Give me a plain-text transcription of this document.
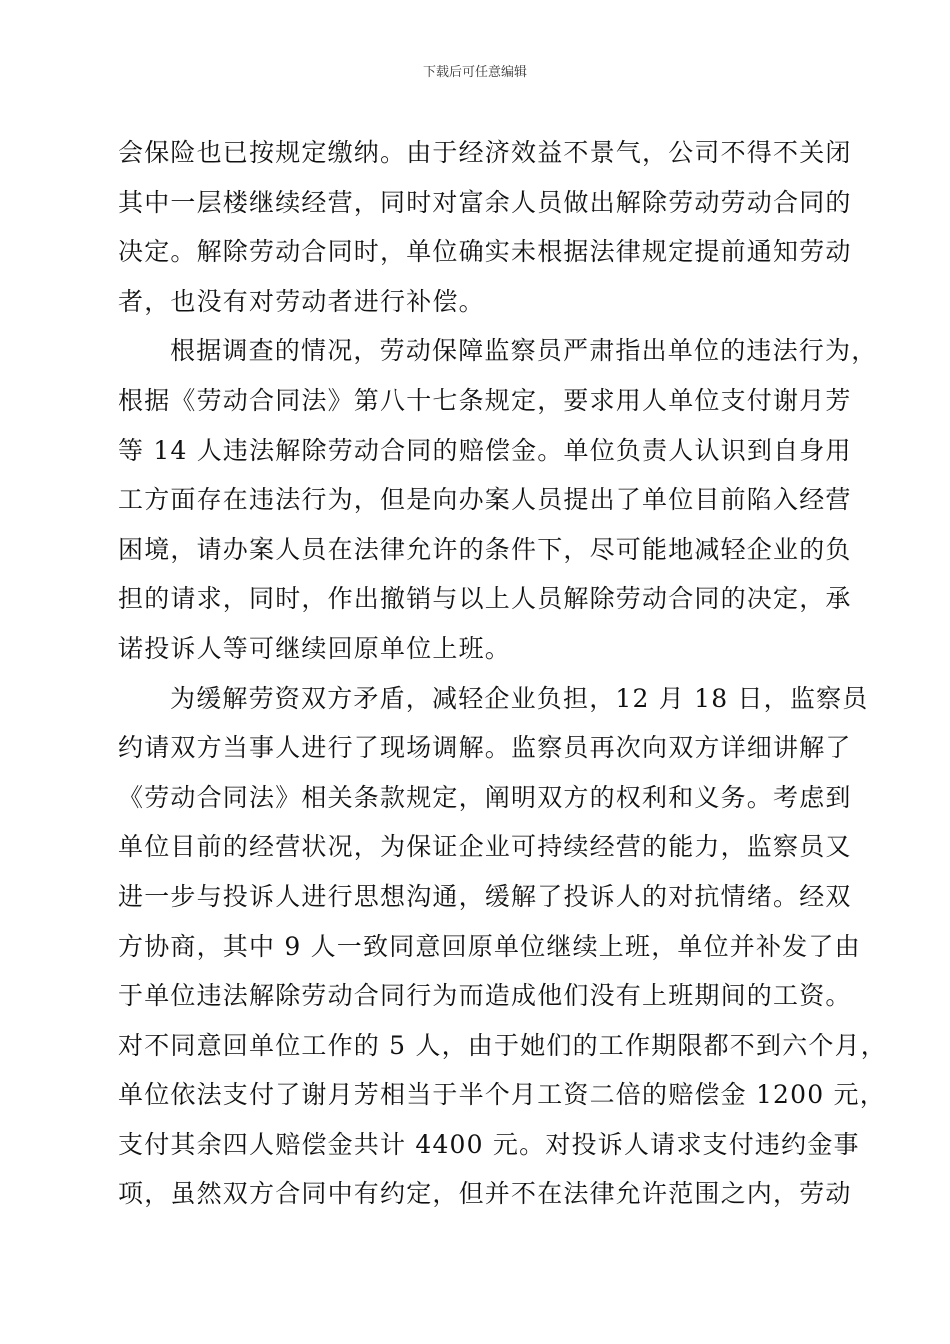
下载后可任意编辑
会保险也已按规定缴纳。由于经济效益不景气，公司不得不关闭
其中一层楼继续经营，同时对富余人员做出解除劳动劳动合同的
决定。解除劳动合同时，单位确实未根据法律规定提前通知劳动
者，也没有对劳动者进行补偿。
根据调查的情况，劳动保障监察员严肃指出单位的违法行为，
根据《劳动合同法》第八十七条规定，要求用人单位支付谢月芳
等 14 人违法解除劳动合同的赔偿金。单位负责人认识到自身用
工方面存在违法行为，但是向办案人员提出了单位目前陷入经营
困境，请办案人员在法律允许的条件下，尽可能地减轻企业的负
担的请求，同时，作出撤销与以上人员解除劳动合同的决定，承
诺投诉人等可继续回原单位上班。
为缓解劳资双方矛盾，减轻企业负担，12 月 18 日，监察员
约请双方当事人进行了现场调解。监察员再次向双方详细讲解了
《劳动合同法》相关条款规定，阐明双方的权利和义务。考虑到
单位目前的经营状况，为保证企业可持续经营的能力，监察员又
进一步与投诉人进行思想沟通，缓解了投诉人的对抗情绪。经双
方协商，其中 9 人一致同意回原单位继续上班，单位并补发了由
于单位违法解除劳动合同行为而造成他们没有上班期间的工资。
对不同意回单位工作的 5 人，由于她们的工作期限都不到六个月，
单位依法支付了谢月芳相当于半个月工资二倍的赔偿金 1200 元，
支付其余四人赔偿金共计 4400 元。对投诉人请求支付违约金事
项，虽然双方合同中有约定，但并不在法律允许范围之内，劳动
